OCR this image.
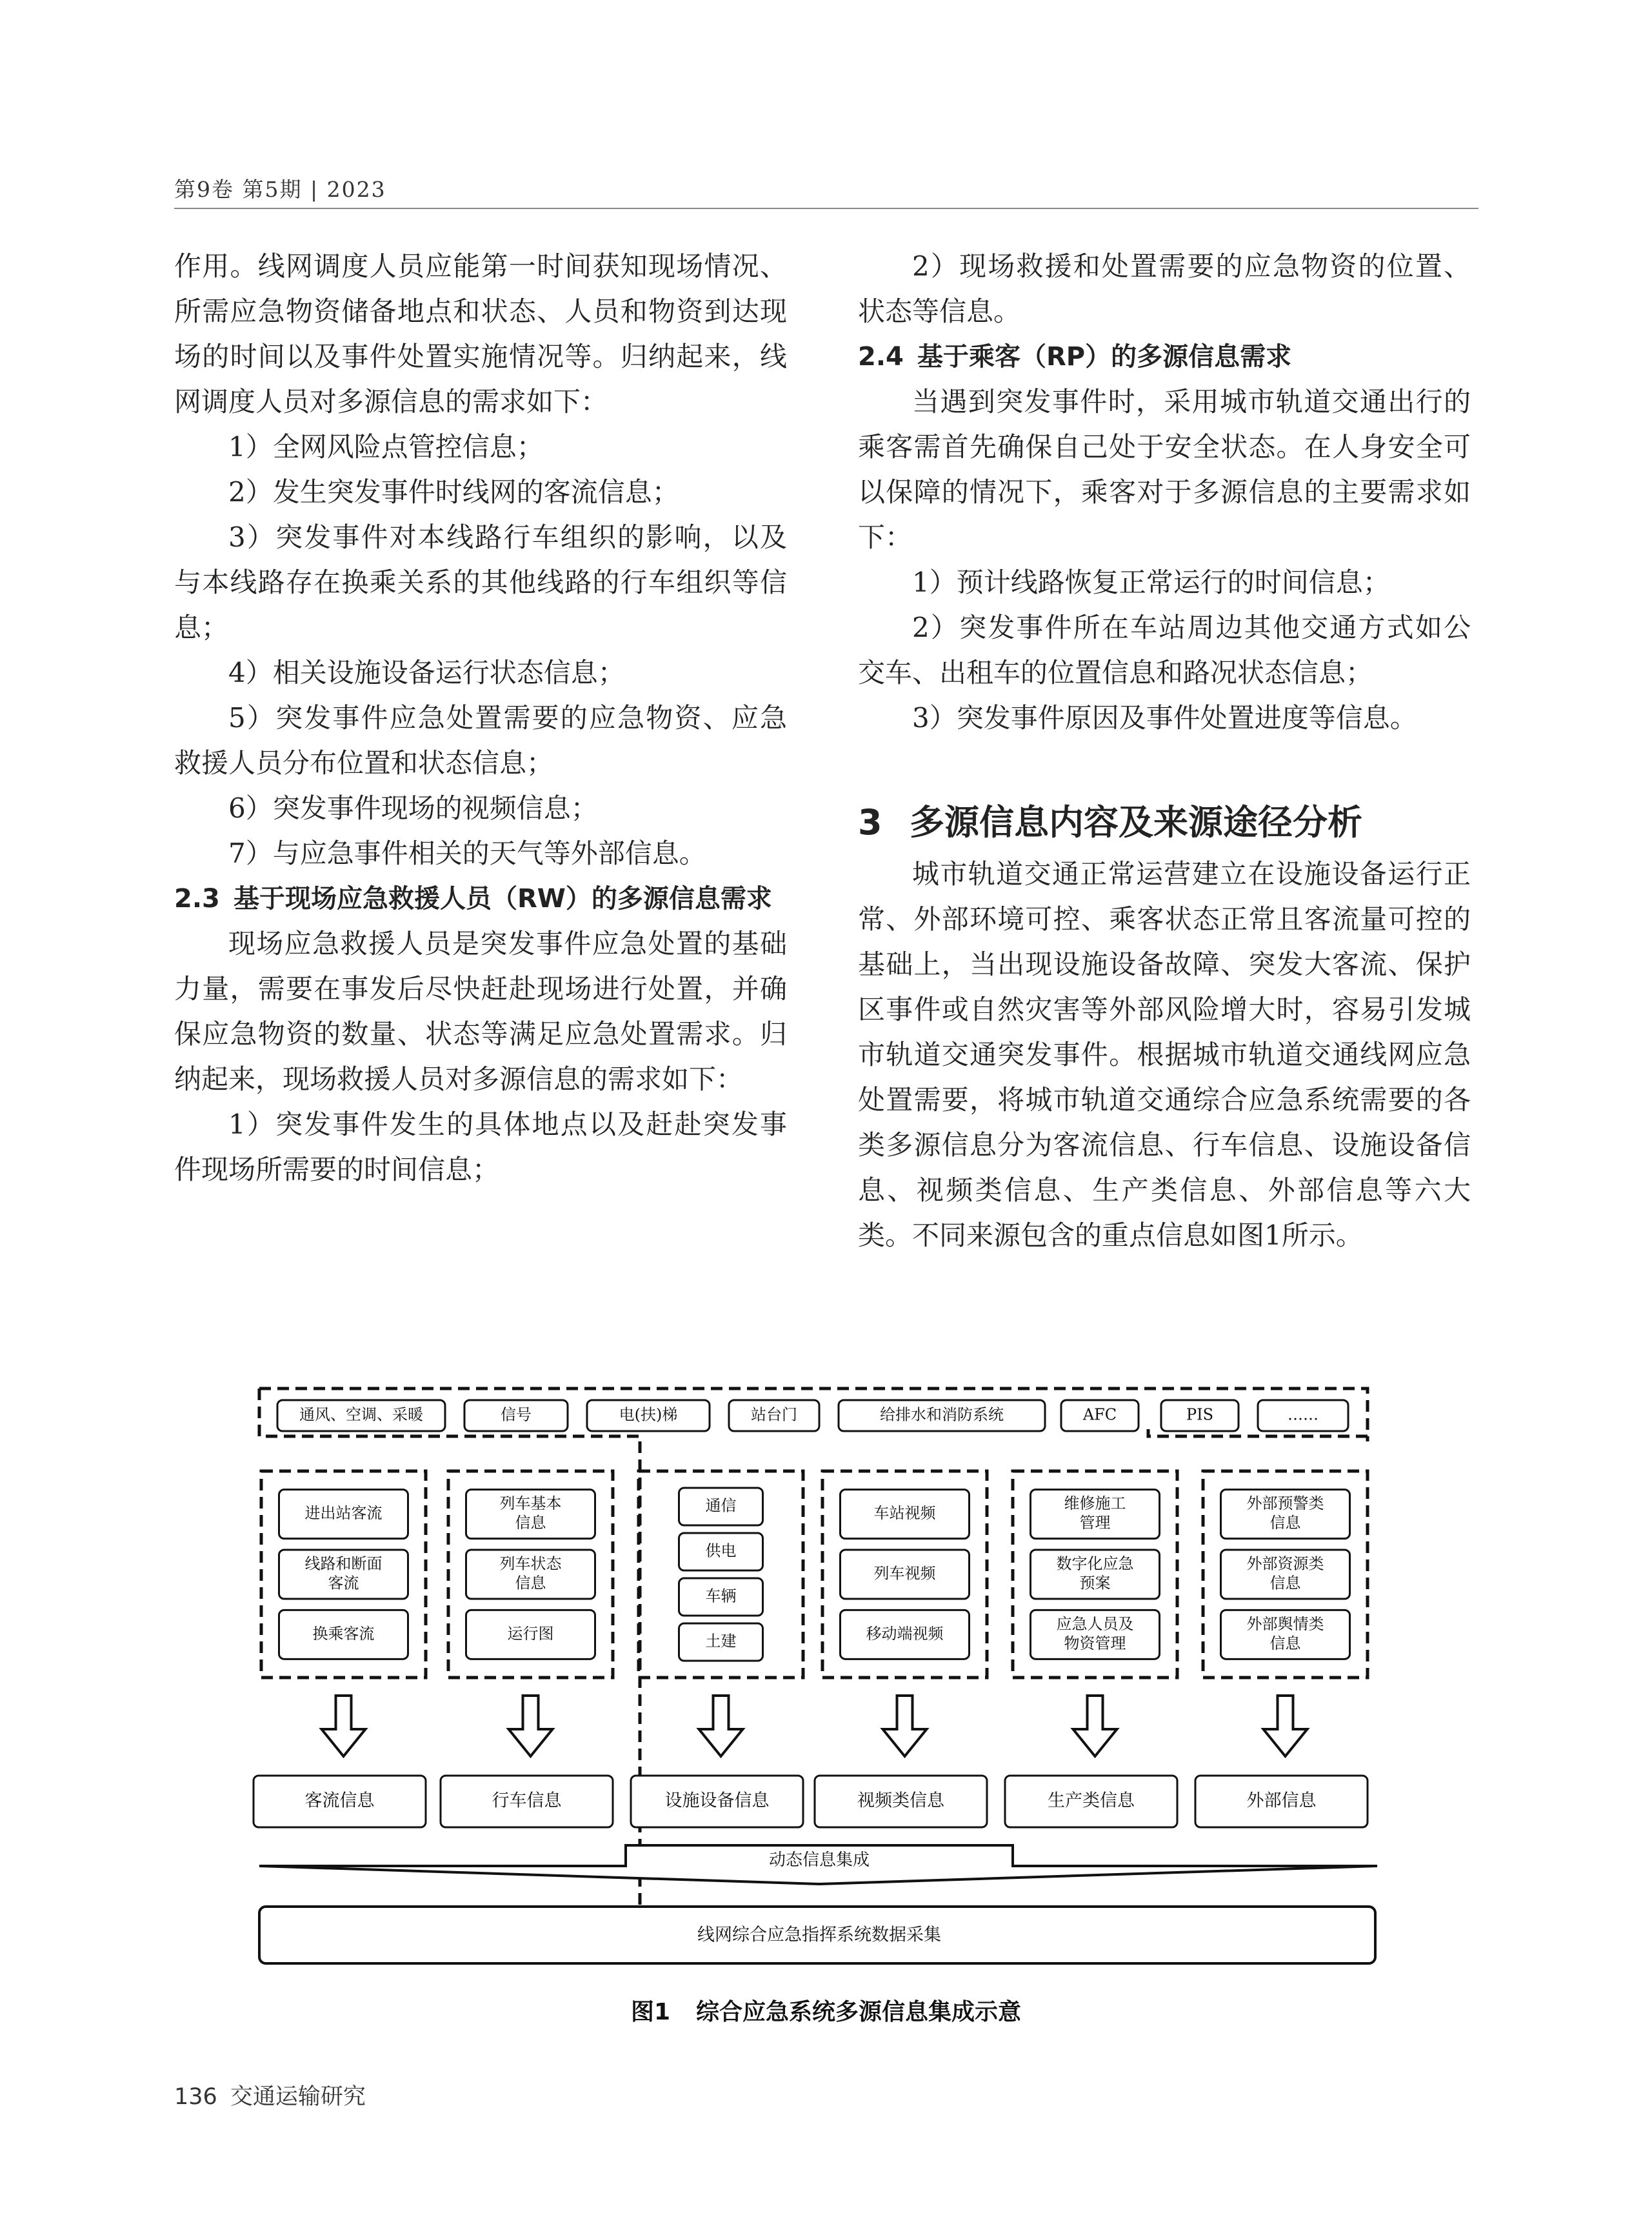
第9卷 第5期 | 2023

作用。线网调度人员应能第一时间获知现场情况、所需应急物资储备地点和状态、人员和物资到达现场的时间以及事件处置实施情况等。归纳起来，线网调度人员对多源信息的需求如下：

1）全网风险点管控信息；

2）发生突发事件时线网的客流信息；

3）突发事件对本线路行车组织的影响，以及与本线路存在换乘关系的其他线路的行车组织等信息；

4）相关设施设备运行状态信息；

5）突发事件应急处置需要的应急物资、应急救援人员分布位置和状态信息；

6）突发事件现场的视频信息；

7）与应急事件相关的天气等外部信息。

2.3 基于现场应急救援人员（RW）的多源信息需求

现场应急救援人员是突发事件应急处置的基础力量，需要在事发后尽快赶赴现场进行处置，并确保应急物资的数量、状态等满足应急处置需求。归纳起来，现场救援人员对多源信息的需求如下：

1）突发事件发生的具体地点以及赶赴突发事件现场所需要的时间信息；

2）现场救援和处置需要的应急物资的位置、状态等信息。

2.4 基于乘客（RP）的多源信息需求

当遇到突发事件时，采用城市轨道交通出行的乘客需首先确保自己处于安全状态。在人身安全可以保障的情况下，乘客对于多源信息的主要需求如下：

1）预计线路恢复正常运行的时间信息；

2）突发事件所在车站周边其他交通方式如公交车、出租车的位置信息和路况状态信息；

3）突发事件原因及事件处置进度等信息。

3 多源信息内容及来源途径分析

城市轨道交通正常运营建立在设施设备运行正常、外部环境可控、乘客状态正常且客流量可控的基础上，当出现设施设备故障、突发大客流、保护区事件或自然灾害等外部风险增大时，容易引发城市轨道交通突发事件。根据城市轨道交通线网应急处置需要，将城市轨道交通综合应急系统需要的各类多源信息分为客流信息、行车信息、设施设备信息、视频类信息、生产类信息、外部信息等六大类。不同来源包含的重点信息如图1所示。

通风、空调、采暖	信号	电(扶)梯	站台门	给排水和消防系统	AFC	PIS	……
进出站客流
线路和断面
客流
换乘客流
客流信息
列车基本
信息
列车状态
信息
运行图
行车信息
通信
供电
车辆
土建
设施设备信息
车站视频
列车视频
移动端视频
视频类信息
维修施工
管理
数字化应急
预案
应急人员及
物资管理
生产类信息
外部预警类
信息
外部资源类
信息
外部舆情类
信息
外部信息
动态信息集成
线网综合应急指挥系统数据采集
图1 综合应急系统多源信息集成示意
136 交通运输研究
